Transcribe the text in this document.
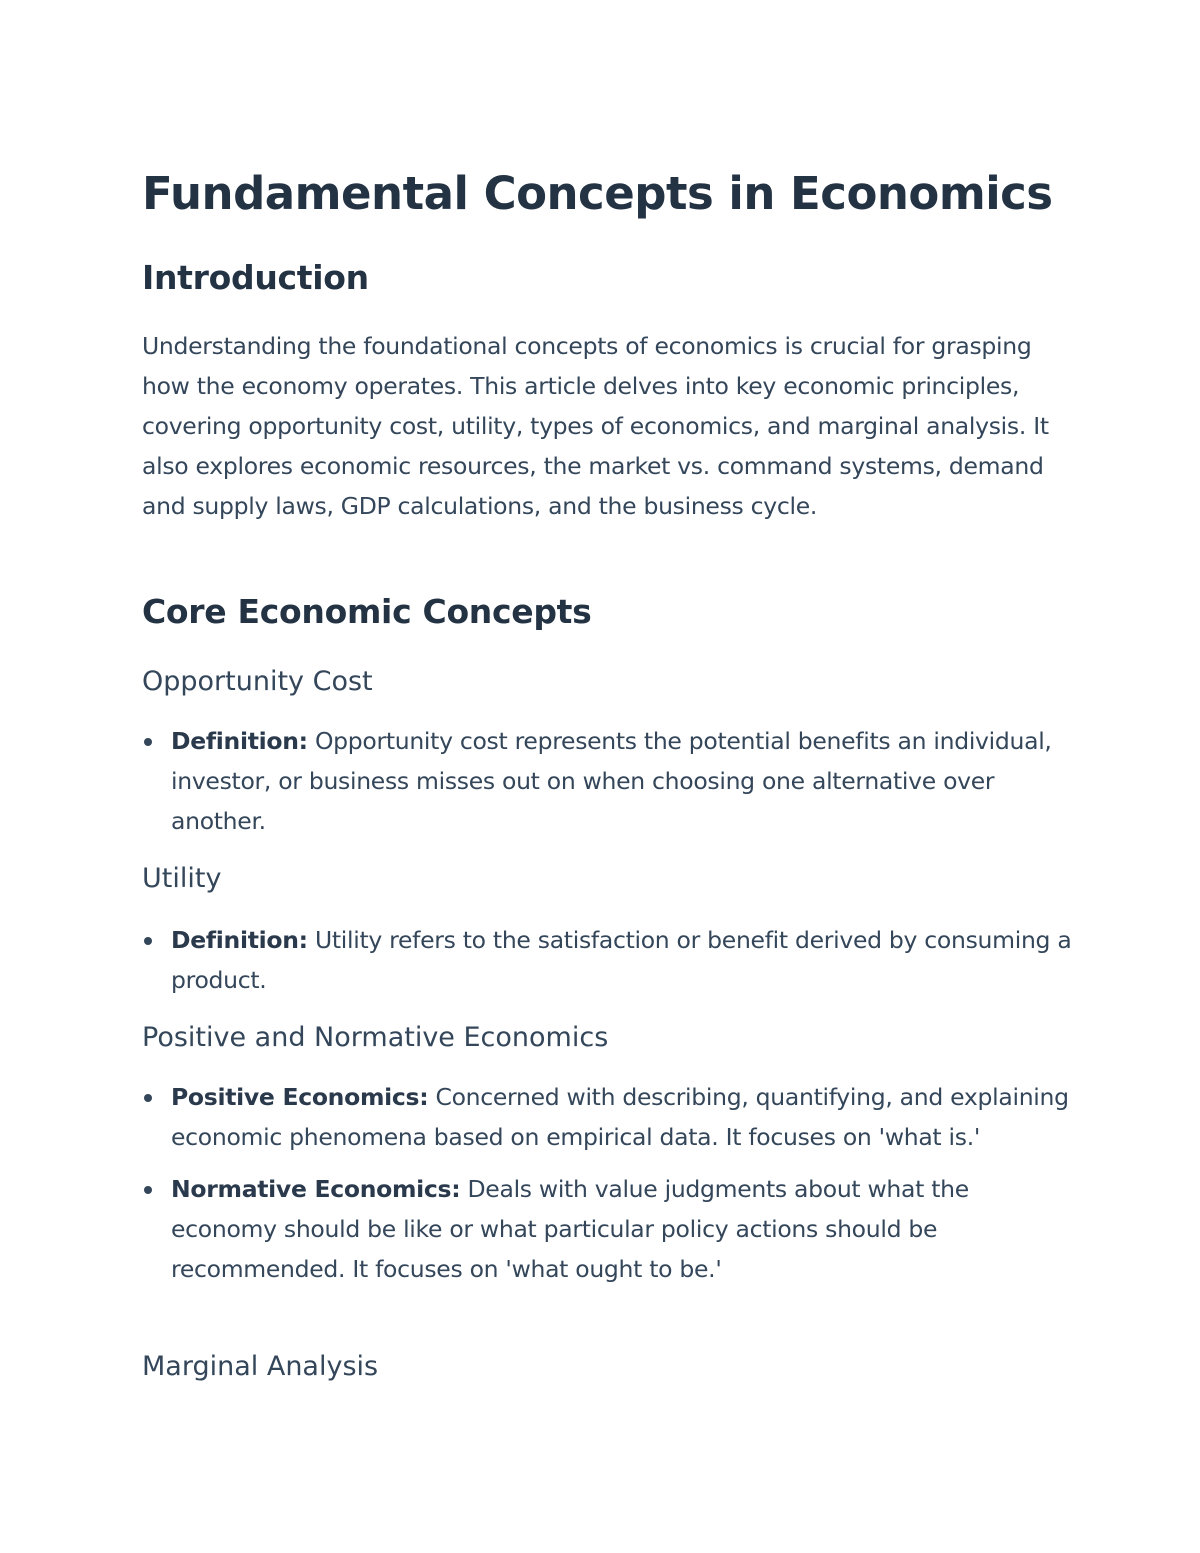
Fundamental Concepts in Economics
Introduction

Understanding the foundational concepts of economics is crucial for grasping how the economy operates. This article delves into key economic principles, covering opportunity cost, utility, types of economics, and marginal analysis. It also explores economic resources, the market vs. command systems, demand and supply laws, GDP calculations, and the business cycle.

Core Economic Concepts
Opportunity Cost
Definition: Opportunity cost represents the potential benefits an individual, investor, or business misses out on when choosing one alternative over another.
Utility
Definition: Utility refers to the satisfaction or benefit derived by consuming a product.
Positive and Normative Economics
Positive Economics: Concerned with describing, quantifying, and explaining economic phenomena based on empirical data. It focuses on 'what is.'
Normative Economics: Deals with value judgments about what the economy should be like or what particular policy actions should be recommended. It focuses on 'what ought to be.'
Marginal Analysis
